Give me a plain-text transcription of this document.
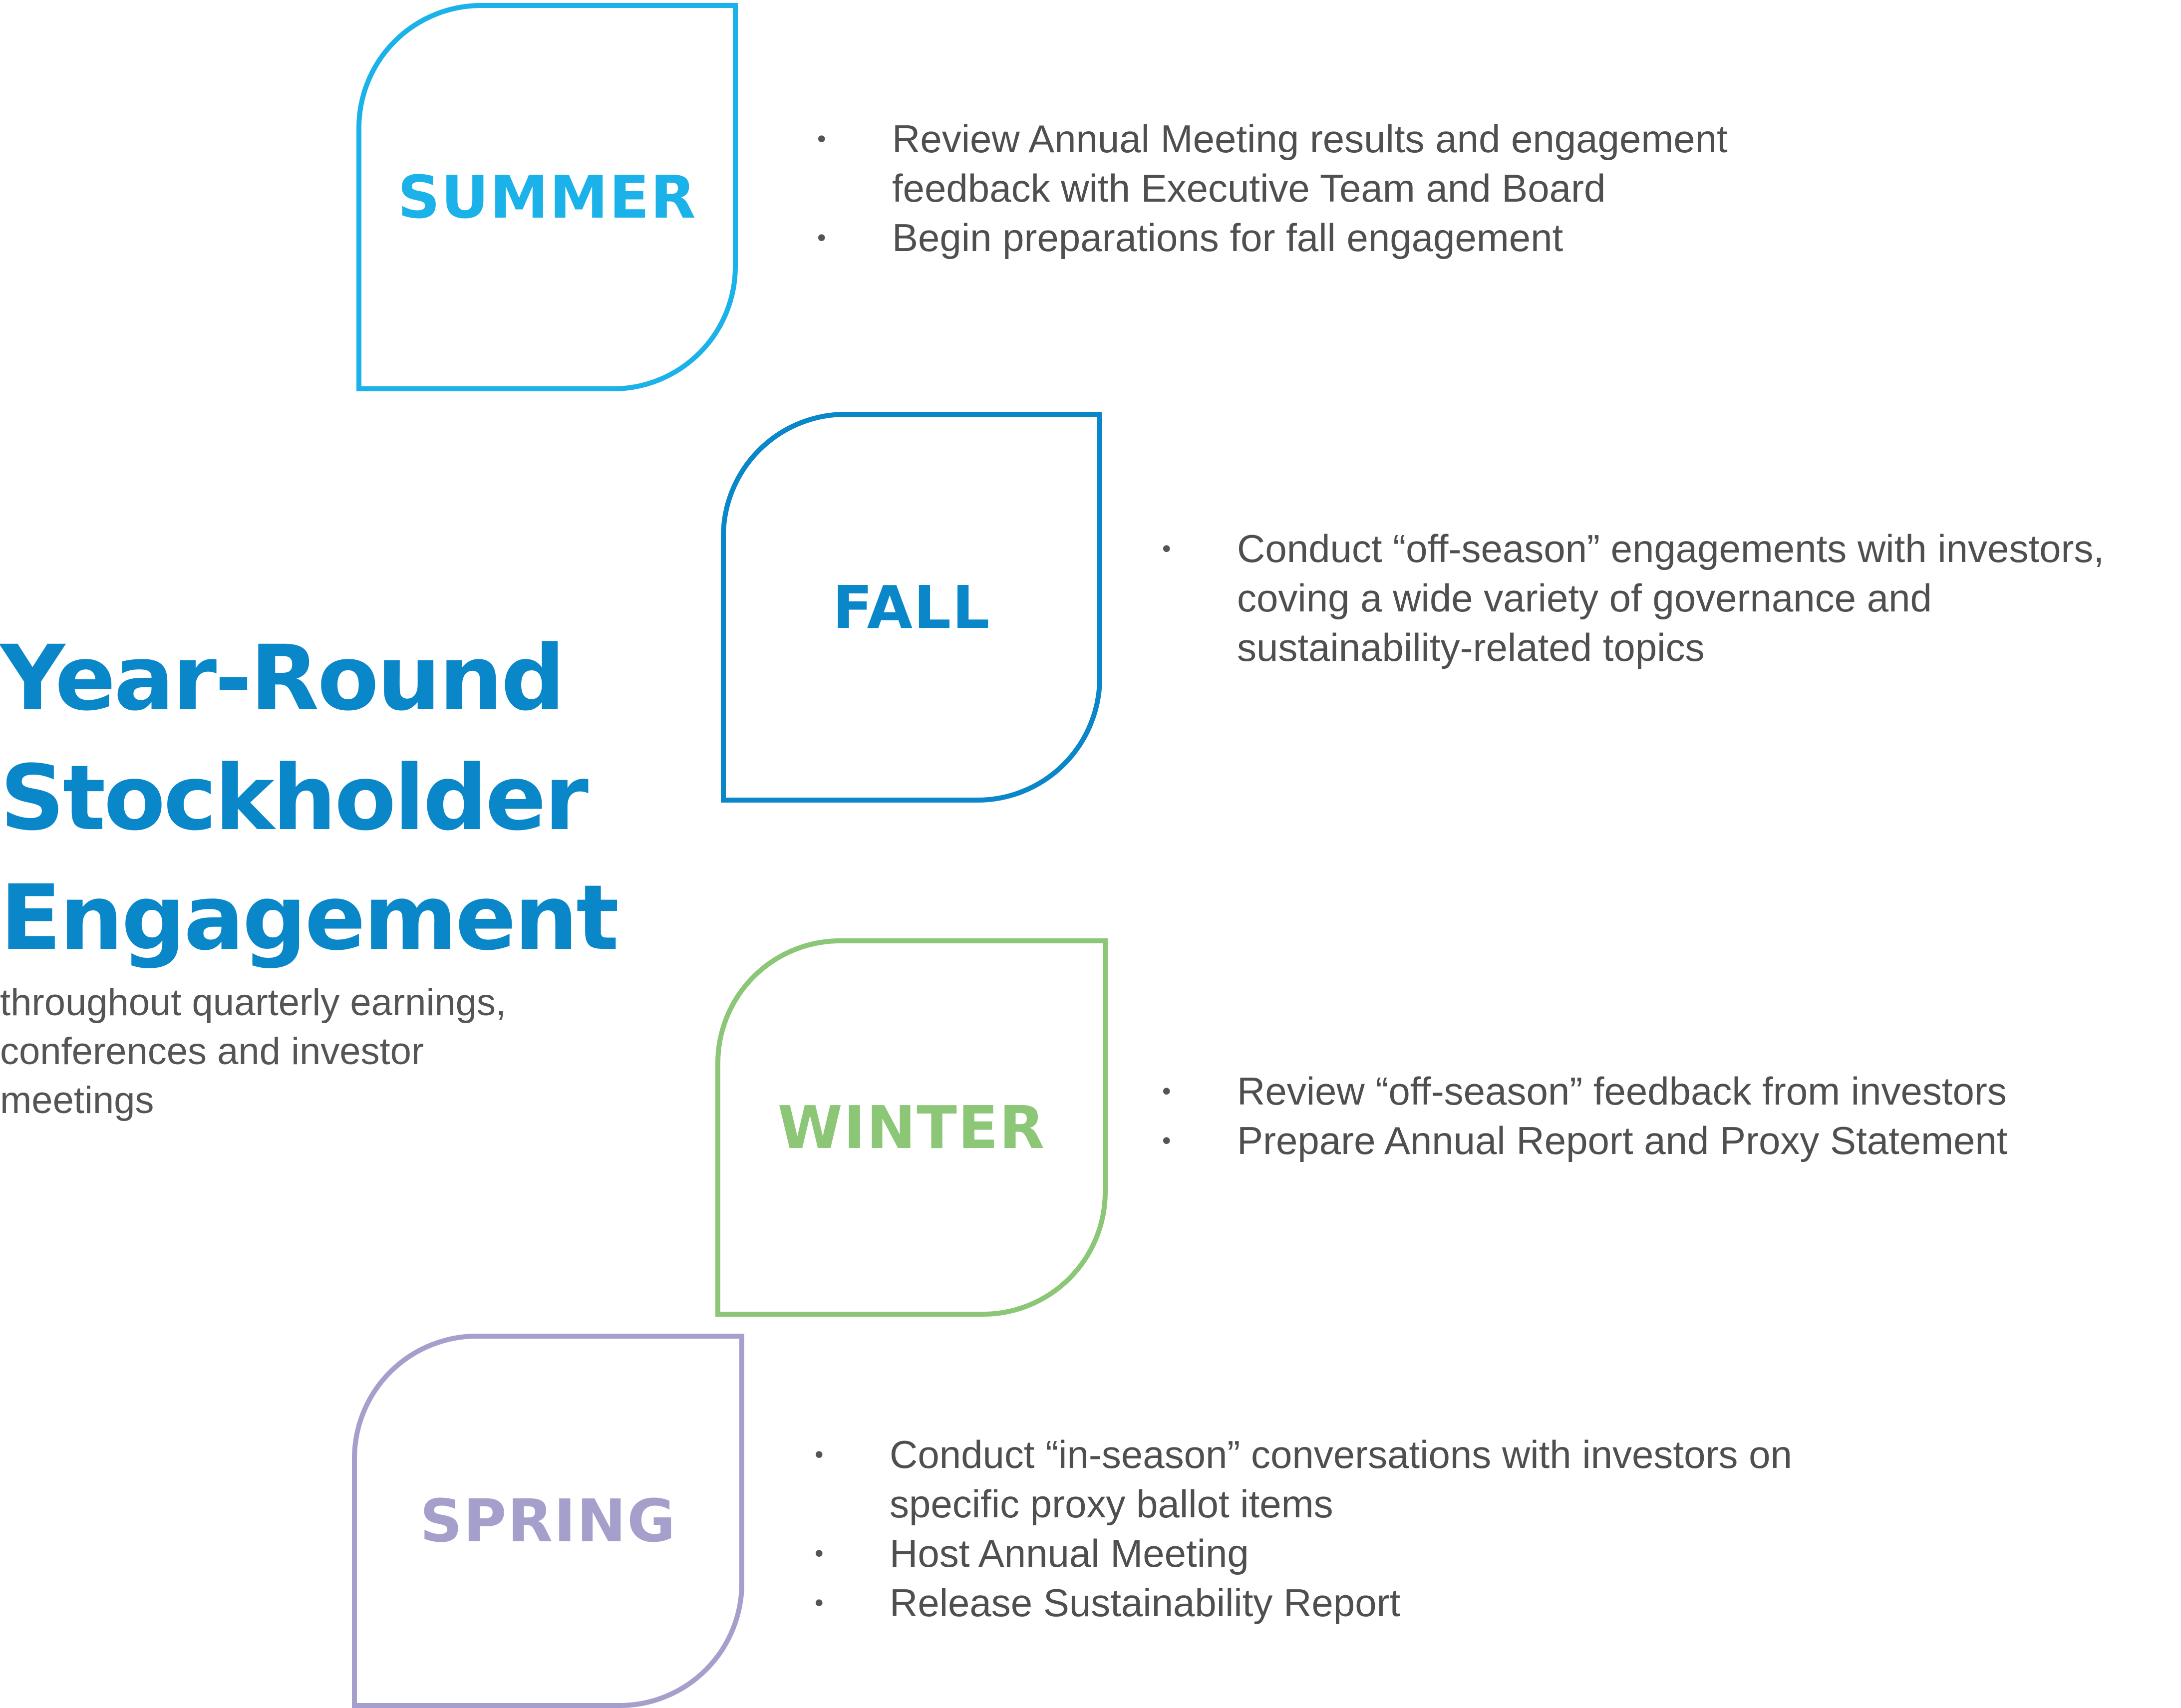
Year-Round
Stockholder
Engagement

throughout quarterly earnings,
conferences and investor
meetings

SUMMER
• Review Annual Meeting results and engagement
feedback with Executive Team and Board
• Begin preparations for fall engagement
FALL
• Conduct “off-season” engagements with investors,
coving a wide variety of governance and
sustainability-related topics
WINTER
• Review “off-season” feedback from investors
• Prepare Annual Report and Proxy Statement
SPRING
• Conduct “in-season” conversations with investors on
specific proxy ballot items
• Host Annual Meeting
• Release Sustainability Report
